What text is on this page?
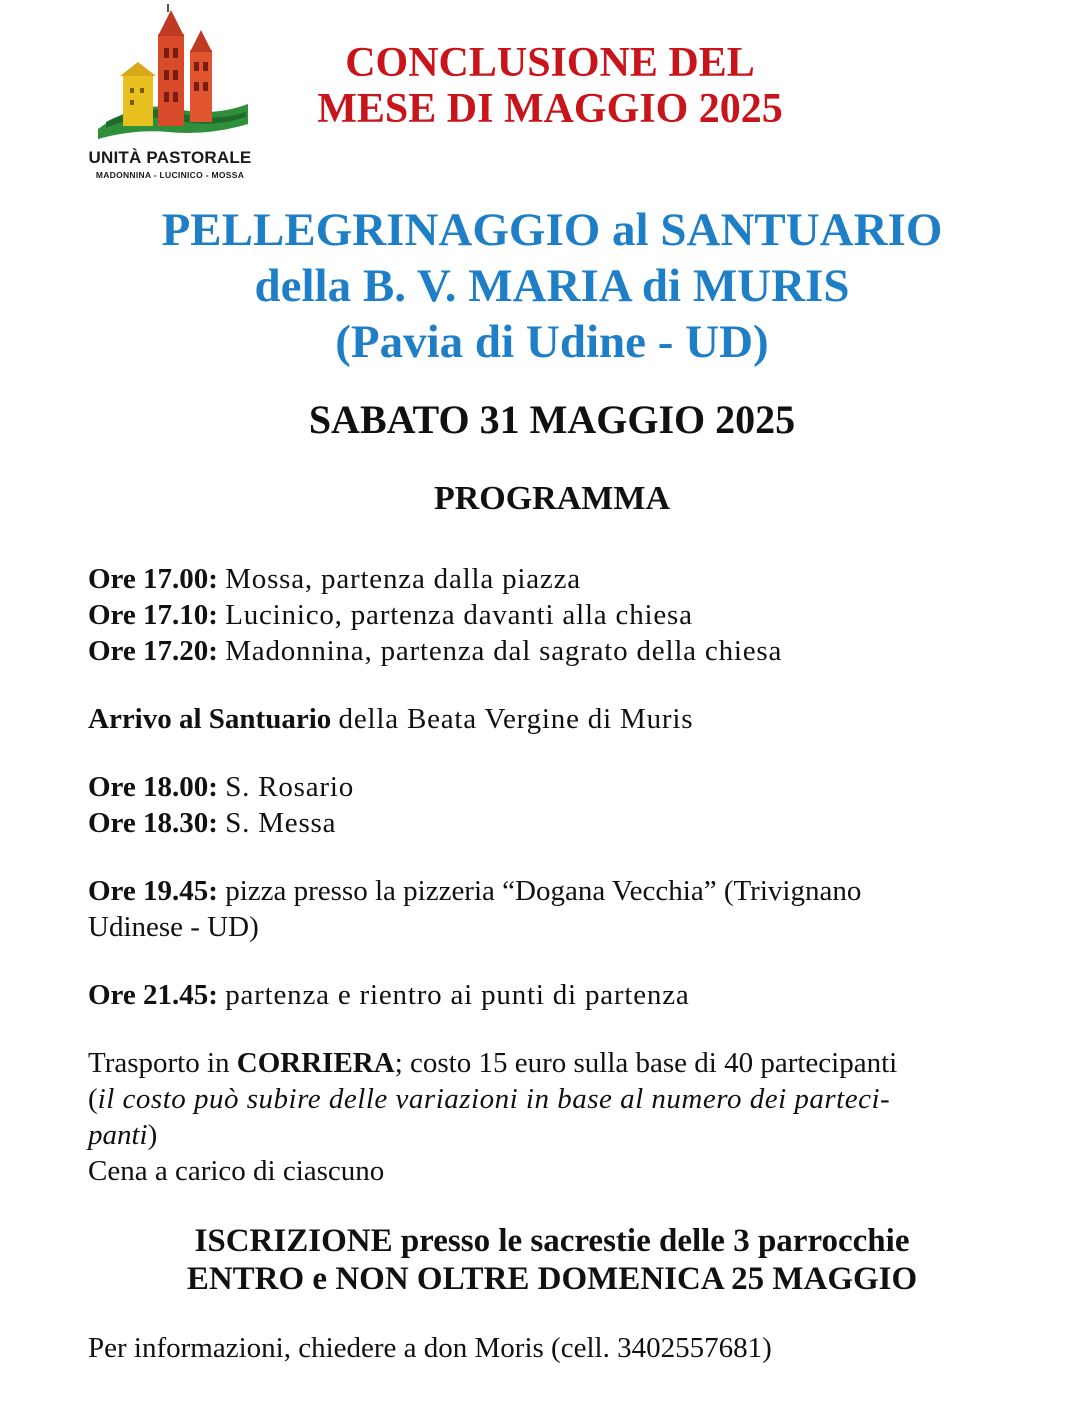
UNITÀ PASTORALE
MADONNINA - LUCINICO - MOSSA
CONCLUSIONE DEL
MESE DI MAGGIO 2025
PELLEGRINAGGIO al SANTUARIO
della B. V. MARIA di MURIS
(Pavia di Udine - UD)
SABATO 31 MAGGIO 2025
PROGRAMMA

Ore 17.00: Mossa, partenza dalla piazza

Ore 17.10: Lucinico, partenza davanti alla chiesa

Ore 17.20: Madonnina, partenza dal sagrato della chiesa

Arrivo al Santuario della Beata Vergine di Muris

Ore 18.00: S. Rosario

Ore 18.30: S. Messa

Ore 19.45: pizza presso la pizzeria “Dogana Vecchia” (Trivignano

Udinese - UD)

Ore 21.45: partenza e rientro ai punti di partenza

Trasporto in CORRIERA; costo 15 euro sulla base di 40 partecipanti

(il costo può subire delle variazioni in base al numero dei parteci-

panti)

Cena a carico di ciascuno

ISCRIZIONE presso le sacrestie delle 3 parrocchie
ENTRO e NON OLTRE DOMENICA 25 MAGGIO
Per informazioni, chiedere a don Moris (cell. 3402557681)
